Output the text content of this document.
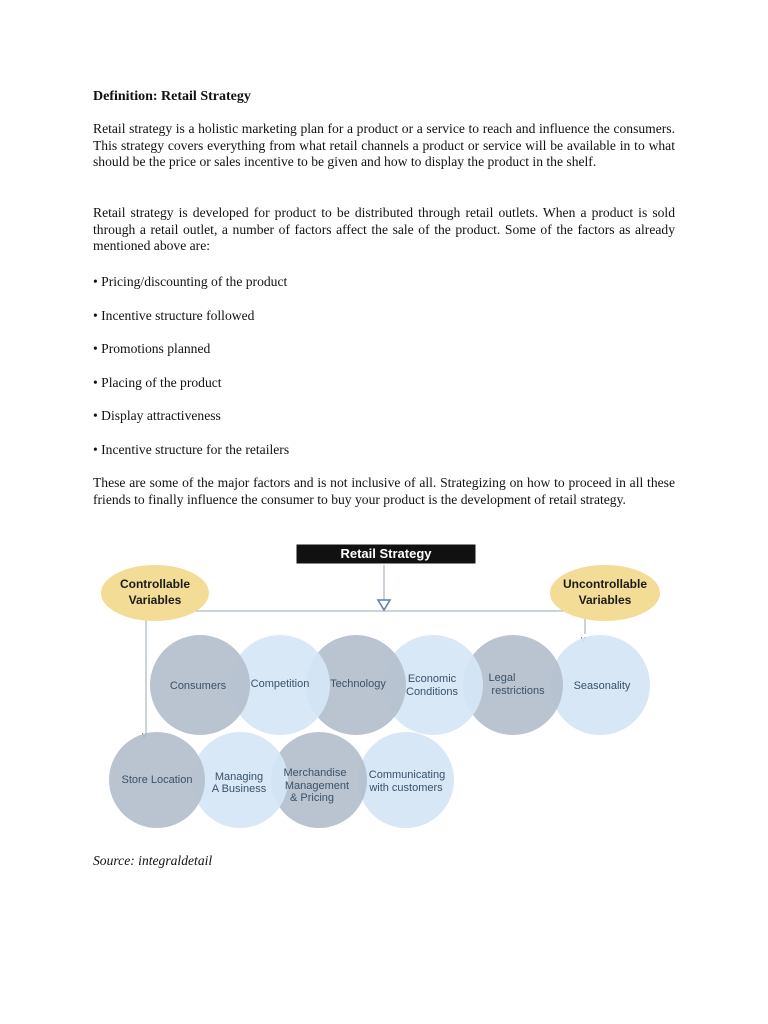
Definition: Retail Strategy

Retail strategy is a holistic marketing plan for a product or a service to reach and influence the consumers. This strategy covers everything from what retail channels a product or service will be available in to what should be the price or sales incentive to be given and how to display the product in the shelf.

Retail strategy is developed for product to be distributed through retail outlets. When a product is sold through a retail outlet, a number of factors affect the sale of the product. Some of the factors as already mentioned above are:

• Pricing/discounting of the product
• Incentive structure followed
• Promotions planned
• Placing of the product
• Display attractiveness
• Incentive structure for the retailers

These are some of the major factors and is not inclusive of all. Strategizing on how to proceed in all these friends to finally influence the consumer to buy your product is the development of retail strategy.

Retail Strategy
Controllable
Variables
Uncontrollable
Variables
Consumers Competition Technology Economic
Conditions
Legal
restrictions	Seasonality
Store Location Managing
A Business
Merchandise
Management
& Pricing
Communicating
with customers
Source: integraldetail
